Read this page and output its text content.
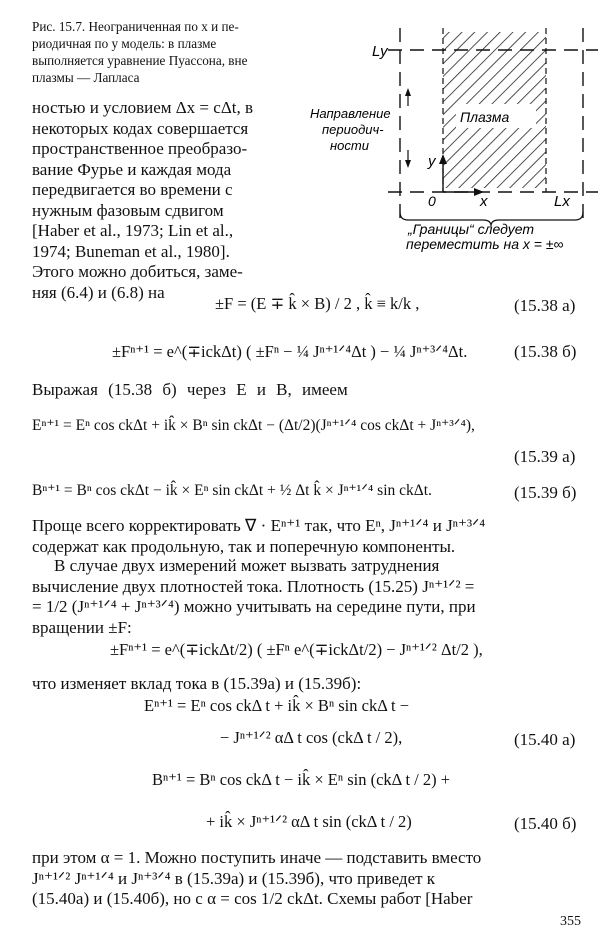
Рис. 15.7. Неограниченная по x и пе-
риодичная по y модель: в плазме
выполняется уравнение Пуассона, вне
плазмы — Лапласа
Ly
Lx
y
x
0
Плазма
Направление
периодич-
ности
„Границы“ следует
переместить на x = ±∞
ностью и условием Δx = cΔt, в
некоторых кодах совершается
пространственное преобразо-
вание Фурье и каждая мода
передвигается во времени с
нужным фазовым сдвигом
[Haber et al., 1973; Lin et al.,
1974; Buneman et al., 1980].
Этого можно добиться, заме-
няя (6.4) и (6.8) на
±F = (E ∓ k̂ × B) / 2 , k̂ ≡ k/k ,	(15.38 а)
±Fⁿ⁺¹ = e^(∓ickΔt) ( ±Fⁿ − ¼ Jⁿ⁺¹ᐟ⁴Δt ) − ¼ Jⁿ⁺³ᐟ⁴Δt.	(15.38 б)
Выражая (15.38 б) через E и B, имеем
Eⁿ⁺¹ = Eⁿ cos ckΔt + ik̂ × Bⁿ sin ckΔt − (Δt/2)(Jⁿ⁺¹ᐟ⁴ cos ckΔt + Jⁿ⁺³ᐟ⁴),
(15.39 а)
Bⁿ⁺¹ = Bⁿ cos ckΔt − ik̂ × Eⁿ sin ckΔt + ½ Δt k̂ × Jⁿ⁺¹ᐟ⁴ sin ckΔt.	(15.39 б)
Проще всего корректировать ∇ · Eⁿ⁺¹ так, что Eⁿ, Jⁿ⁺¹ᐟ⁴ и Jⁿ⁺³ᐟ⁴
содержат как продольную, так и поперечную компоненты.
В случае двух измерений может вызвать затруднения
вычисление двух плотностей тока. Плотность (15.25) Jⁿ⁺¹ᐟ² =
= 1/2 (Jⁿ⁺¹ᐟ⁴ + Jⁿ⁺³ᐟ⁴) можно учитывать на середине пути, при
вращении ±F:
±Fⁿ⁺¹ = e^(∓ickΔt/2) ( ±Fⁿ e^(∓ickΔt/2) − Jⁿ⁺¹ᐟ² Δt/2 ),
что изменяет вклад тока в (15.39а) и (15.39б):
Eⁿ⁺¹ = Eⁿ cos ckΔ t + ik̂ × Bⁿ sin ckΔ t −
− Jⁿ⁺¹ᐟ² αΔ t cos (ckΔ t / 2),	(15.40 а)
Bⁿ⁺¹ = Bⁿ cos ckΔ t − ik̂ × Eⁿ sin (ckΔ t / 2) +
+ ik̂ × Jⁿ⁺¹ᐟ² αΔ t sin (ckΔ t / 2)	(15.40 б)
при этом α = 1. Можно поступить иначе — подставить вместо
Jⁿ⁺¹ᐟ² Jⁿ⁺¹ᐟ⁴ и Jⁿ⁺³ᐟ⁴ в (15.39а) и (15.39б), что приведет к
(15.40а) и (15.40б), но с α = cos 1/2 ckΔt. Схемы работ [Haber
355
